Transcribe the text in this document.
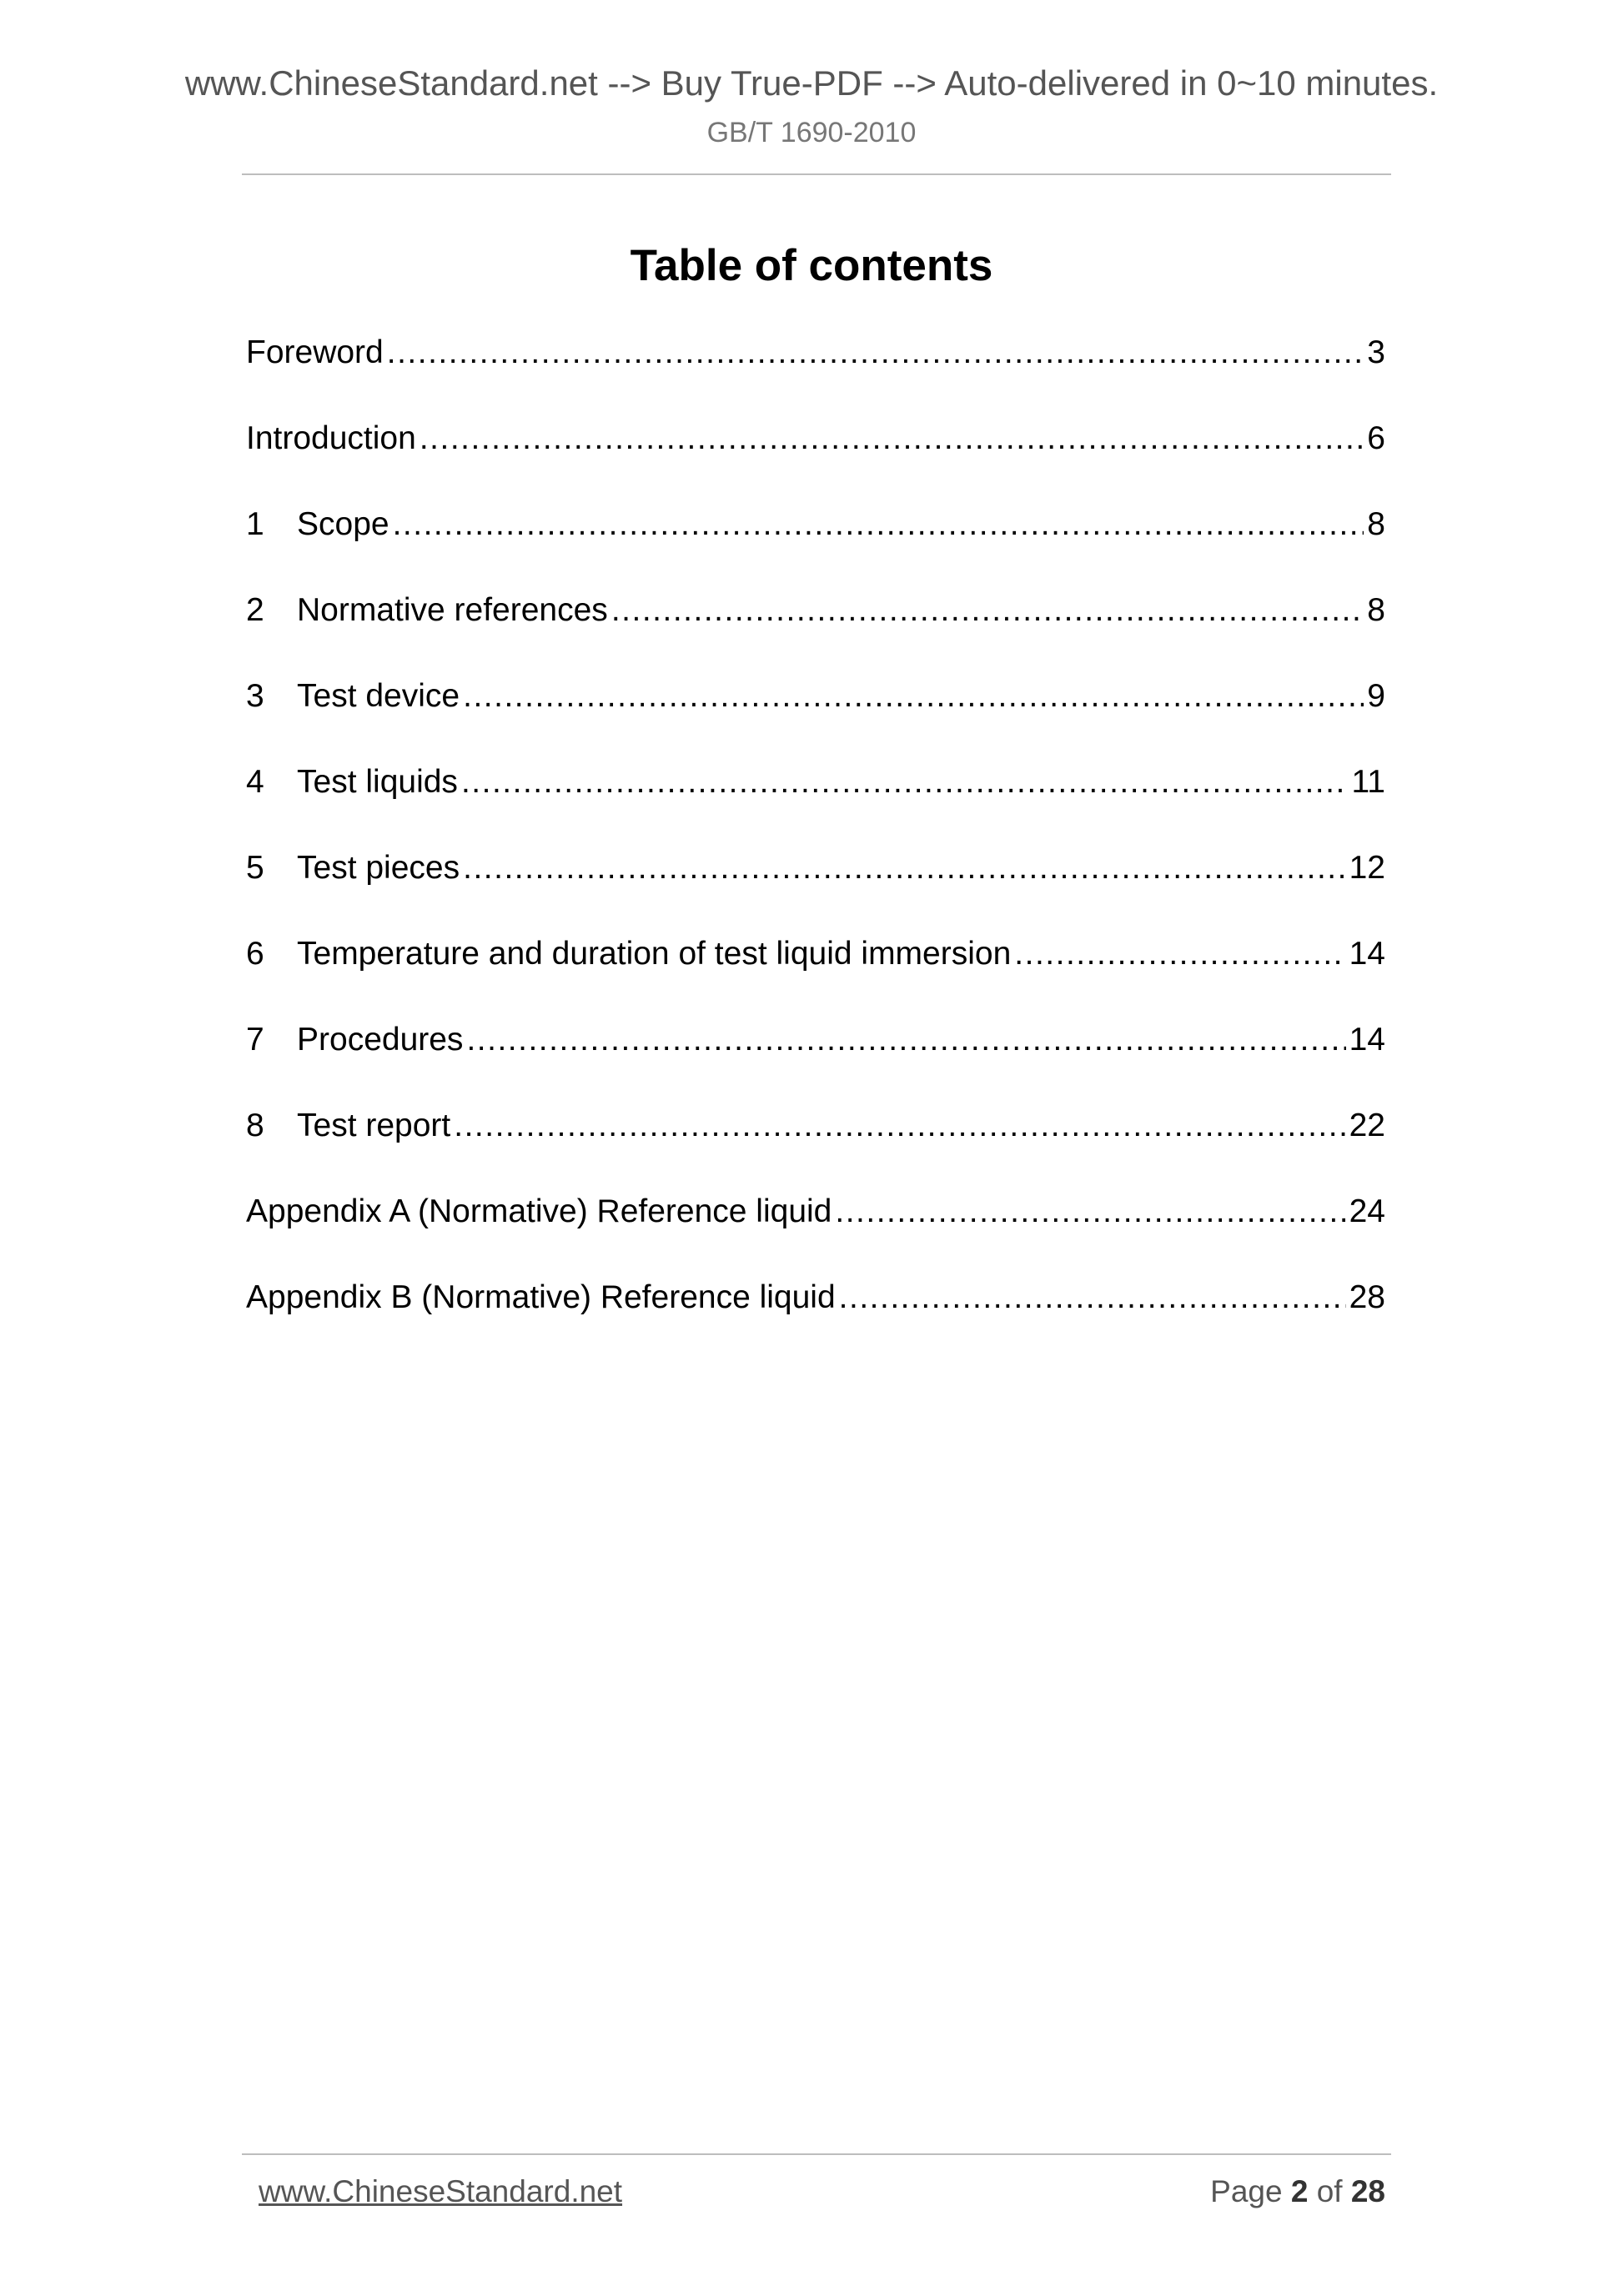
www.ChineseStandard.net --> Buy True-PDF --> Auto-delivered in 0~10 minutes.
GB/T 1690-2010
Table of contents
Foreword .....	3
Introduction .....	6
1	Scope .....	8
2	Normative references .....	8
3	Test device .....	9
4	Test liquids .....	11
5	Test pieces .....	12
6	Temperature and duration of test liquid immersion .....	14
7	Procedures .....	14
8	Test report .....	22
Appendix A (Normative) Reference liquid .....	24
Appendix B (Normative) Reference liquid .....	28
www.ChineseStandard.net	Page 2 of 28
